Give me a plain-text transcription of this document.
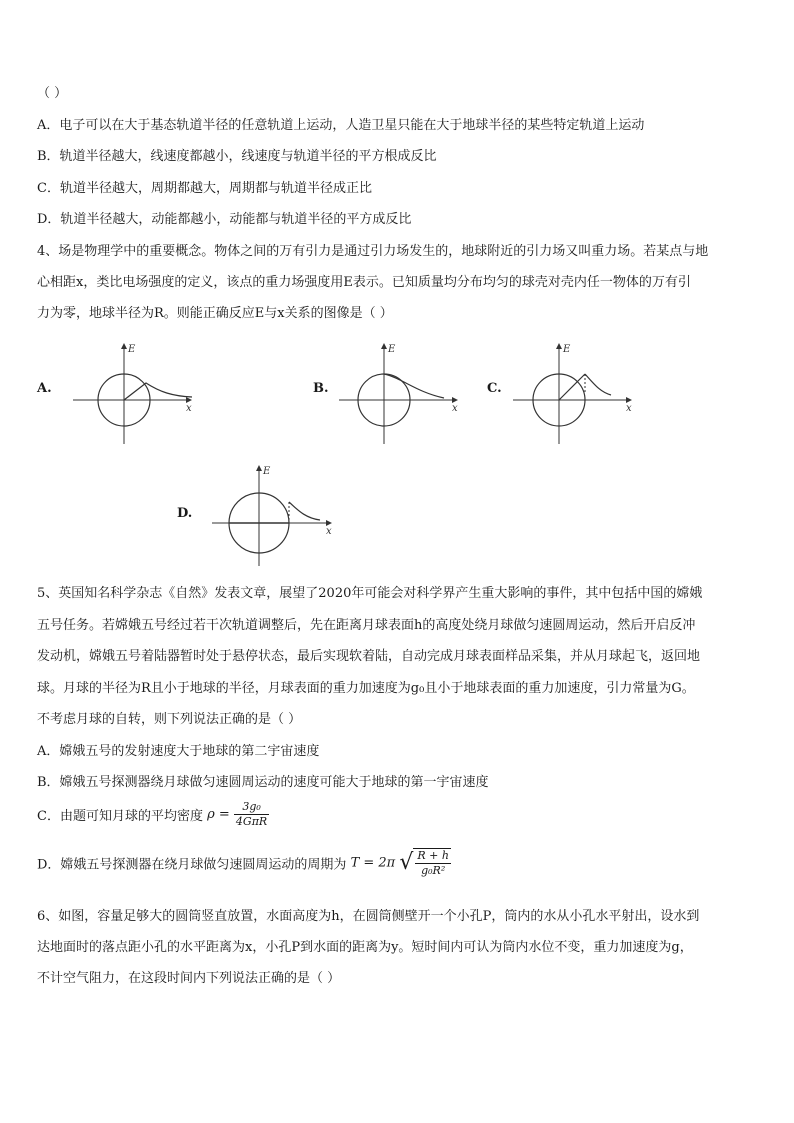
（ ）
A．电子可以在大于基态轨道半径的任意轨道上运动，人造卫星只能在大于地球半径的某些特定轨道上运动
B．轨道半径越大，线速度都越小，线速度与轨道半径的平方根成反比
C．轨道半径越大，周期都越大，周期都与轨道半径成正比
D．轨道半径越大，动能都越小，动能都与轨道半径的平方成反比
4、场是物理学中的重要概念。物体之间的万有引力是通过引力场发生的，地球附近的引力场又叫重力场。若某点与地
心相距x，类比电场强度的定义，该点的重力场强度用E表示。已知质量均分布均匀的球壳对壳内任一物体的万有引
力为零，地球半径为R。则能正确反应E与x关系的图像是（ ）
A.
E
x
B.
E
x
C.
E
x
D.
E
x
5、英国知名科学杂志《自然》发表文章，展望了2020年可能会对科学界产生重大影响的事件，其中包括中国的嫦娥
五号任务。若嫦娥五号经过若干次轨道调整后，先在距离月球表面h的高度处绕月球做匀速圆周运动，然后开启反冲
发动机，嫦娥五号着陆器暂时处于悬停状态，最后实现软着陆，自动完成月球表面样品采集，并从月球起飞，返回地
球。月球的半径为R且小于地球的半径，月球表面的重力加速度为g₀且小于地球表面的重力加速度，引力常量为G。
不考虑月球的自转，则下列说法正确的是（ ）
A．嫦娥五号的发射速度大于地球的第二宇宙速度
B．嫦娥五号探测器绕月球做匀速圆周运动的速度可能大于地球的第一宇宙速度
C．由题可知月球的平均密度 $\rho = \frac{\text{3g₀}}{\text{4GπR}}$
D．嫦娥五号探测器在绕月球做匀速圆周运动的周期为 T = 2π √ $\frac{R + h}{\text{g₀R²}}$
6、如图，容量足够大的圆筒竖直放置，水面高度为h，在圆筒侧壁开一个小孔P，筒内的水从小孔水平射出，设水到
达地面时的落点距小孔的水平距离为x，小孔P到水面的距离为y。短时间内可认为筒内水位不变，重力加速度为g，
不计空气阻力，在这段时间内下列说法正确的是（ ）
